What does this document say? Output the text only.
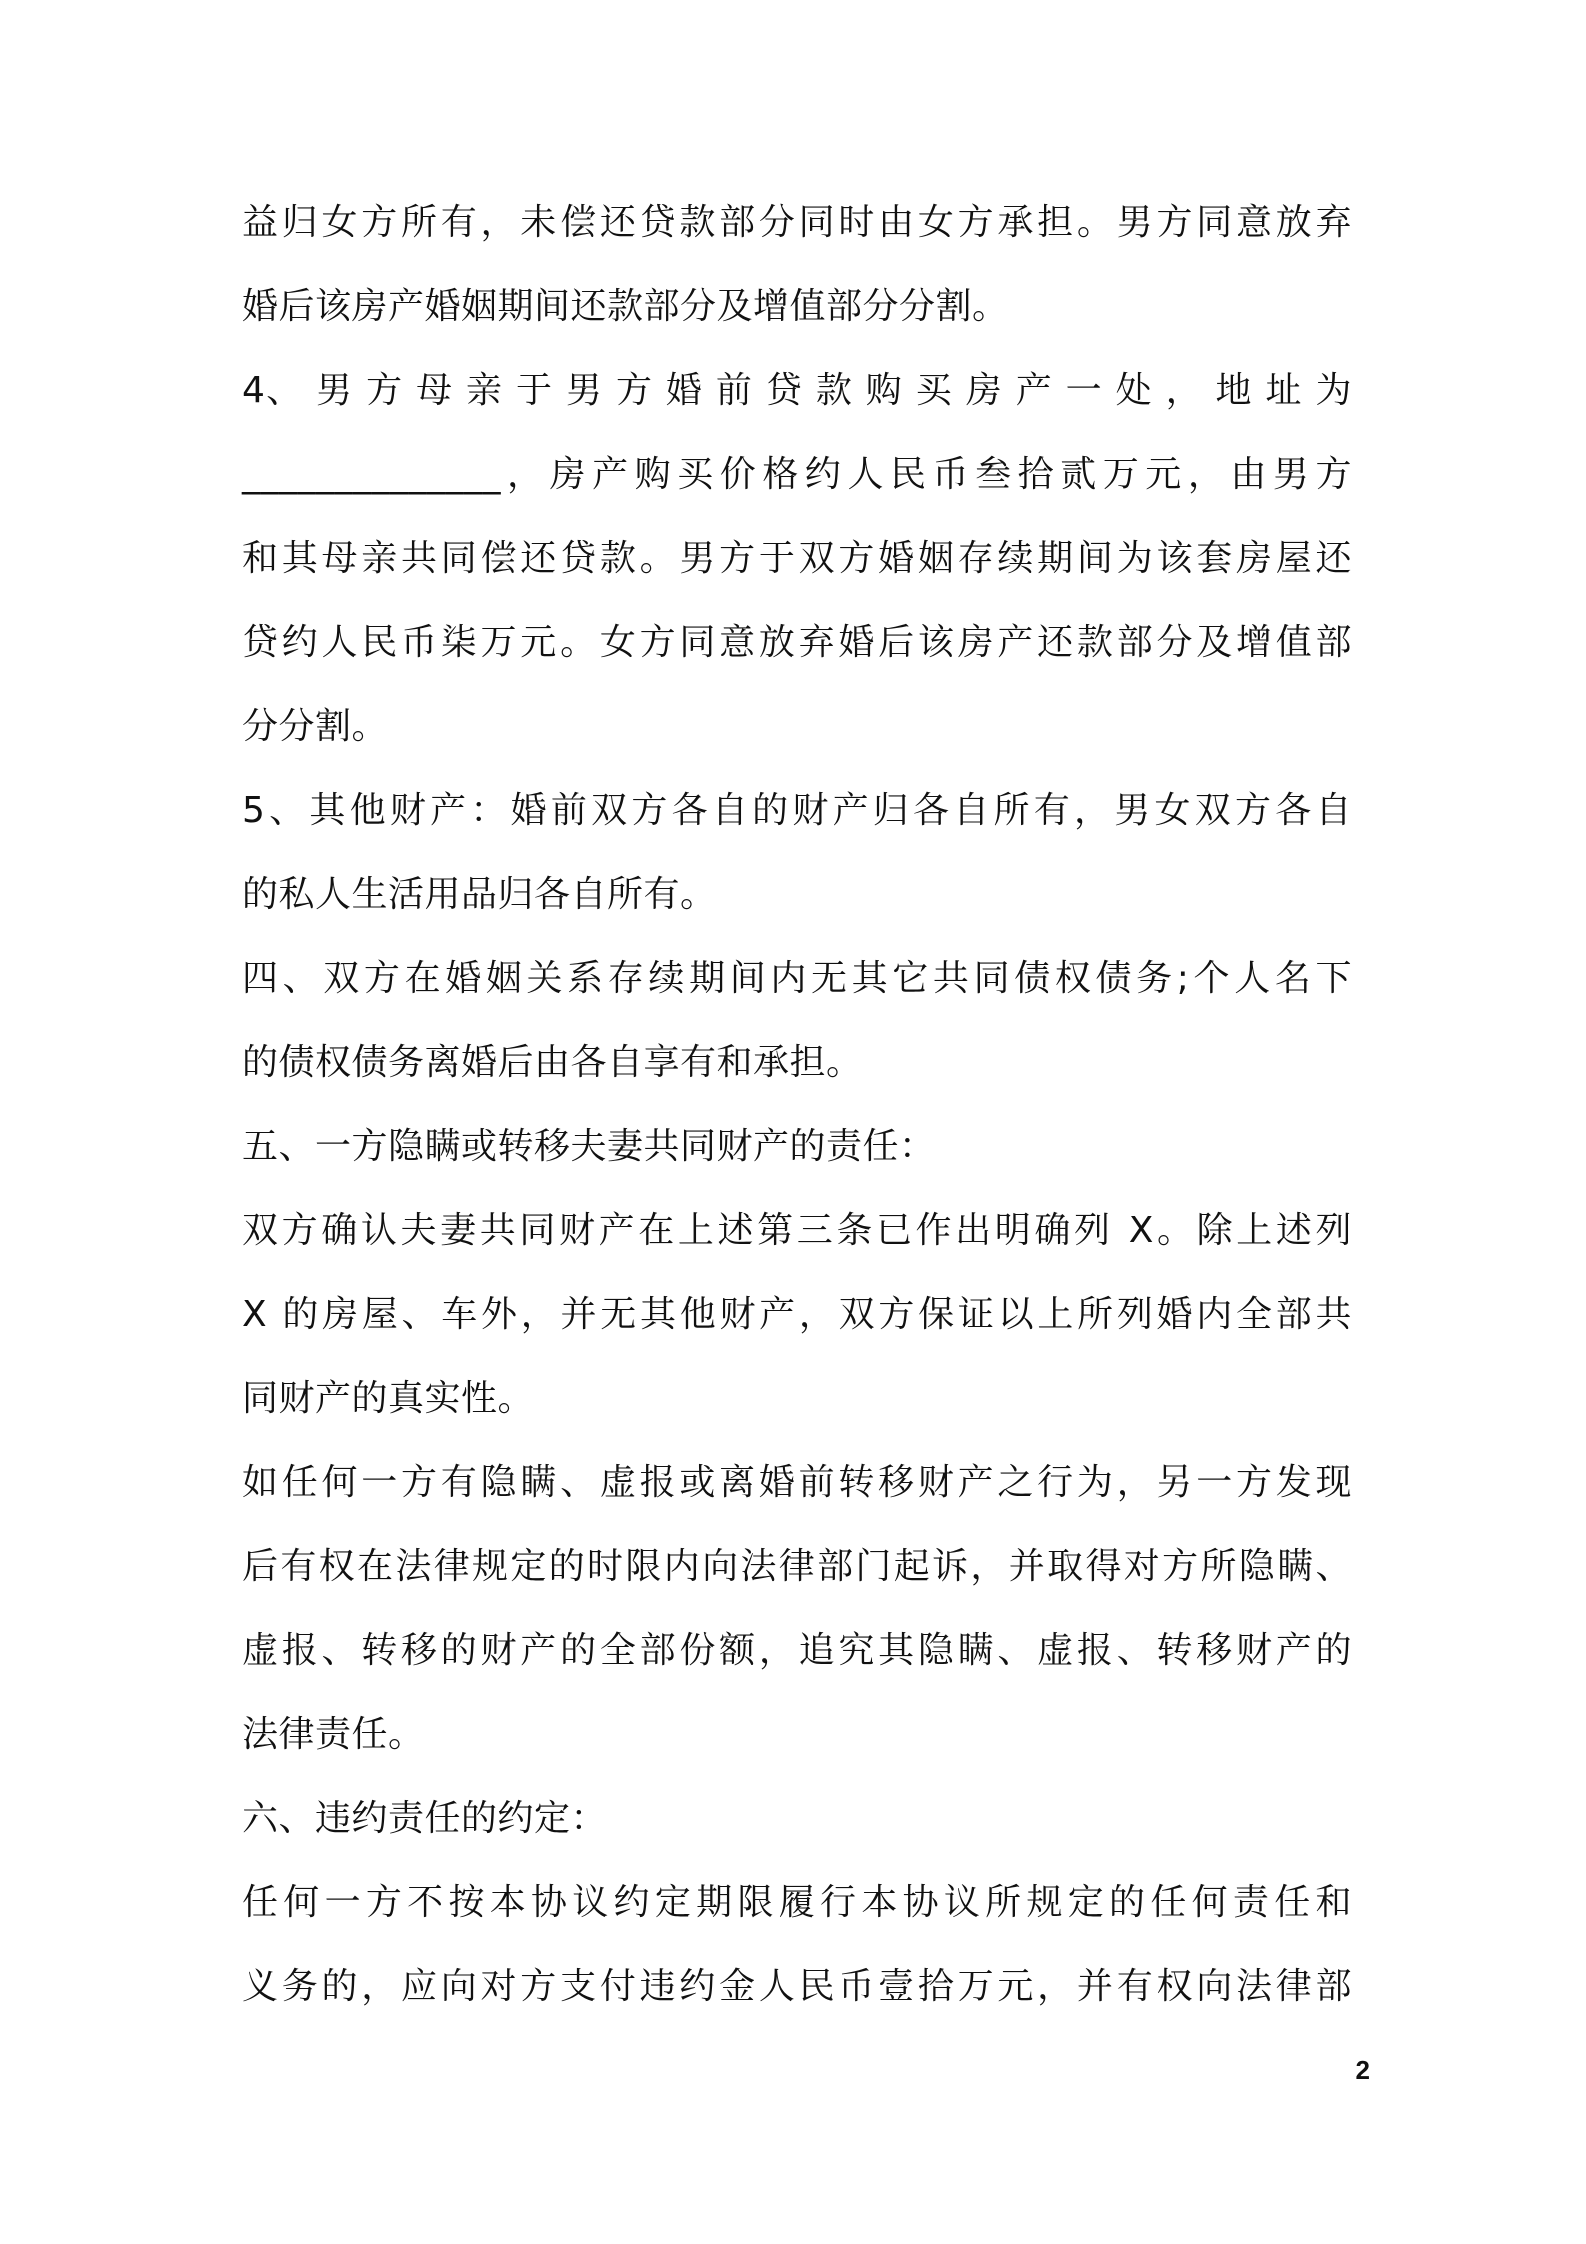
益归女方所有，未偿还贷款部分同时由女方承担。男方同意放弃
婚后该房产婚姻期间还款部分及增值部分分割。
4、 男 方 母 亲 于 男 方 婚 前 贷 款 购 买 房 产 一 处 ， 地 址 为
______________，房产购买价格约人民币叁拾贰万元，由男方
和其母亲共同偿还贷款。男方于双方婚姻存续期间为该套房屋还
贷约人民币柒万元。女方同意放弃婚后该房产还款部分及增值部
分分割。
5、其他财产：婚前双方各自的财产归各自所有，男女双方各自
的私人生活用品归各自所有。
四、双方在婚姻关系存续期间内无其它共同债权债务;个人名下
的债权债务离婚后由各自享有和承担。
五、一方隐瞒或转移夫妻共同财产的责任：
双方确认夫妻共同财产在上述第三条已作出明确列 X。除上述列
X 的房屋、车外，并无其他财产，双方保证以上所列婚内全部共
同财产的真实性。
如任何一方有隐瞒、虚报或离婚前转移财产之行为，另一方发现
后有权在法律规定的时限内向法律部门起诉，并取得对方所隐瞒、
虚报、转移的财产的全部份额，追究其隐瞒、虚报、转移财产的
法律责任。
六、违约责任的约定：
任何一方不按本协议约定期限履行本协议所规定的任何责任和
义务的，应向对方支付违约金人民币壹拾万元，并有权向法律部
2
